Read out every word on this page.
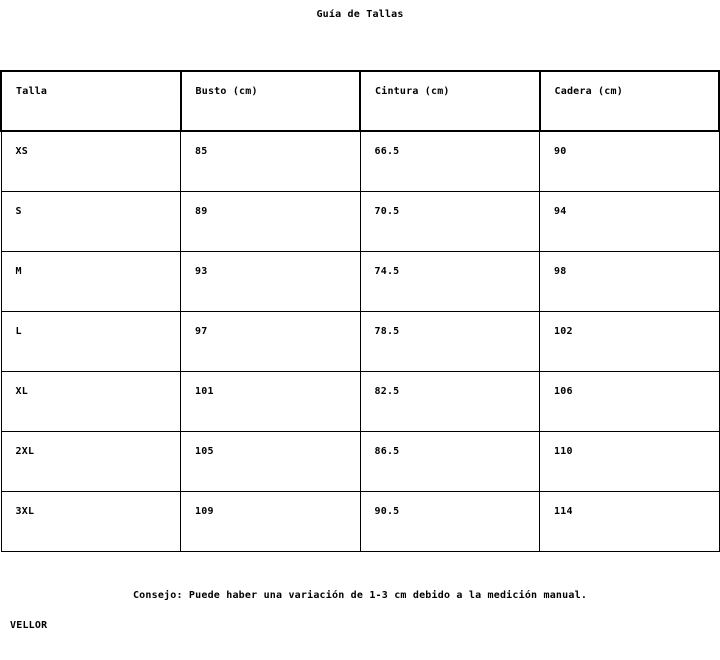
Guía de Tallas
Talla	Busto (cm)	Cintura (cm)	Cadera (cm)
XS	85	66.5	90
S	89	70.5	94
M	93	74.5	98
L	97	78.5	102
XL	101	82.5	106
2XL	105	86.5	110
3XL	109	90.5	114
Consejo: Puede haber una variación de 1-3 cm debido a la medición manual.
VELLOR
